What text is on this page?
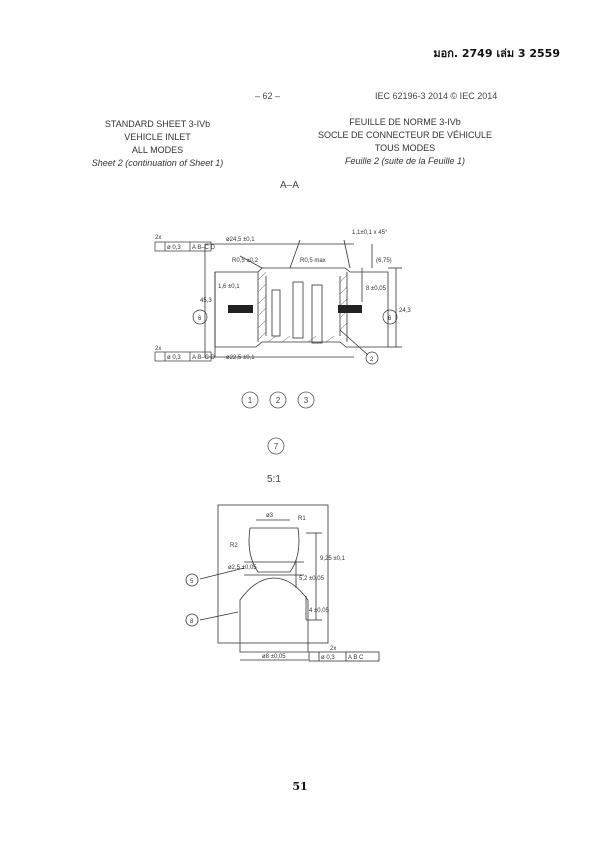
มอก. 2749 เล่ม 3 2559
– 62 –	IEC 62196-3 2014 © IEC 2014
STANDARD SHEET 3-IVb
VEHICLE INLET
ALL MODES
Sheet 2 (continuation of Sheet 1)
FEUILLE DE NORME 3-IVb
SOCLE DE CONNECTEUR DE VÉHICULE
TOUS MODES
Feuille 2 (suite de la Feuille 1)
A–A
ø24,5 ±0,1
ø22,5 ±0,1
1,1±0,1 x 45°
R0,5 ±0,2	R0,5 max	(6,75)
8 ±0,05
24,3
45,3
1,6 ±0,1
2x
ø 0,3 A B–C D
2x
ø 0,3 A B–C D
6	6
2
1	2	3
7
ø3	R1
R2
ø2,5 ±0,05
5,2 ±0,05
9,25 ±0,1
4 ±0,05
ø8 ±0,05
2x
ø 0,3 A B C
5
8
5:1
51
